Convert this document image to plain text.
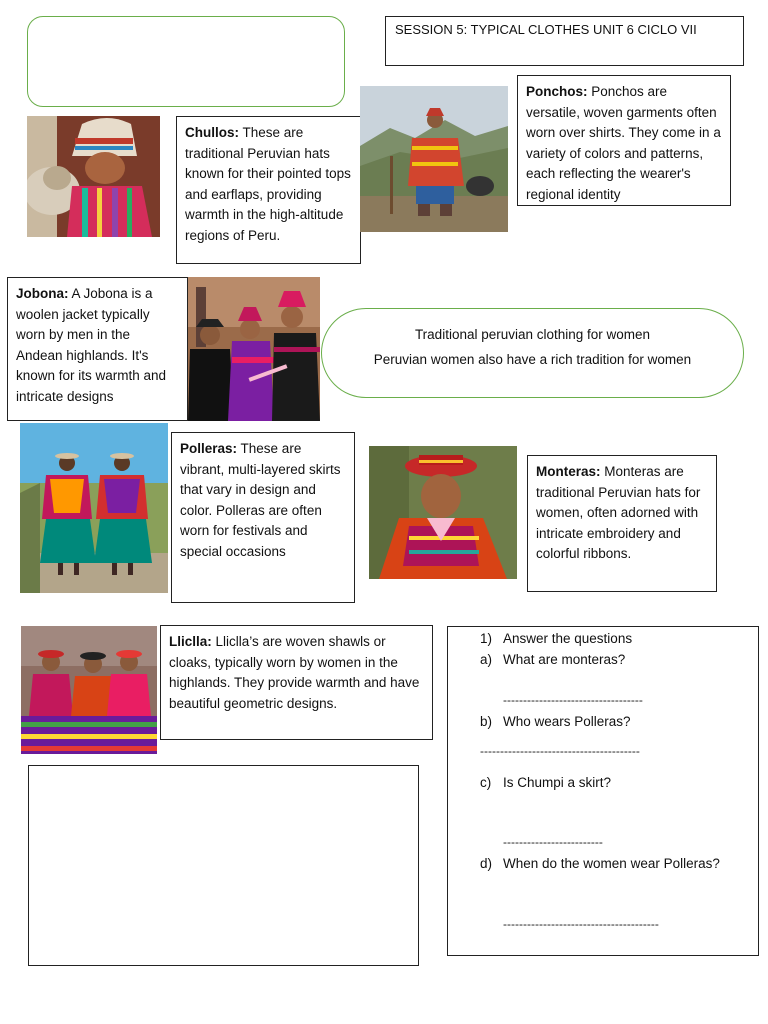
SESSION 5: TYPICAL CLOTHES UNIT 6 CICLO VII
Chullos: These are traditional Peruvian hats known for their pointed tops and earflaps, providing warmth in the high-altitude regions of Peru.
Ponchos: Ponchos are versatile, woven garments often worn over shirts. They come in a variety of colors and patterns, each reflecting the wearer's regional identity
Jobona: A Jobona is a woolen jacket typically worn by men in the Andean highlands. It's known for its warmth and intricate designs
Traditional peruvian clothing for women
Peruvian women also have a rich tradition for women
Polleras: These are vibrant, multi-layered skirts that vary in design and color. Polleras are often worn for festivals and special occasions
Monteras: Monteras are traditional Peruvian hats for women, often adorned with intricate embroidery and colorful ribbons.
Lliclla: Lliclla’s are woven shawls or cloaks, typically worn by women in the highlands. They provide warmth and have beautiful geometric designs.
1) Answer the questions
a) What are monteras?
-----------------------------------
b) Who wears Polleras?
----------------------------------------
c) Is Chumpi a skirt?
-------------------------
d) When do the women wear Polleras?
---------------------------------------
